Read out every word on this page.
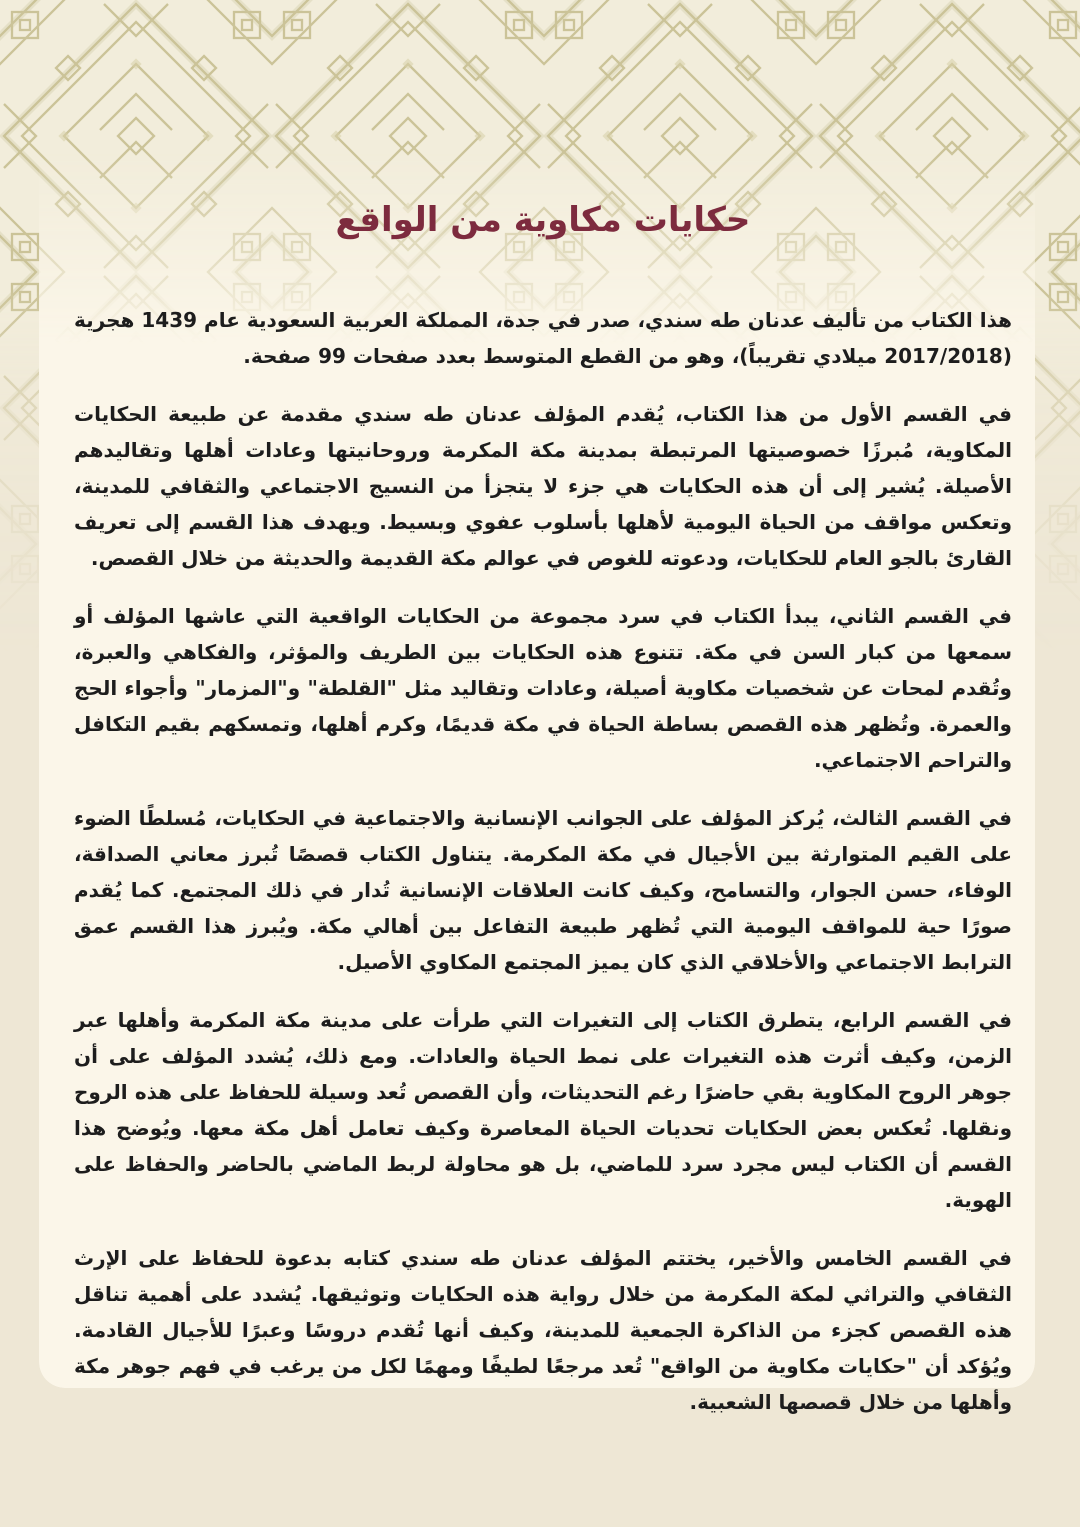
حكايات مكاوية من الواقع

هذا الكتاب من تأليف عدنان طه سندي، صدر في جدة، المملكة العربية السعودية عام 1439 هجرية (2017/2018 ميلادي تقريباً)، وهو من القطع المتوسط بعدد صفحات 99 صفحة.

في القسم الأول من هذا الكتاب، يُقدم المؤلف عدنان طه سندي مقدمة عن طبيعة الحكايات المكاوية، مُبرزًا خصوصيتها المرتبطة بمدينة مكة المكرمة وروحانيتها وعادات أهلها وتقاليدهم الأصيلة. يُشير إلى أن هذه الحكايات هي جزء لا يتجزأ من النسيج الاجتماعي والثقافي للمدينة، وتعكس مواقف من الحياة اليومية لأهلها بأسلوب عفوي وبسيط. ويهدف هذا القسم إلى تعريف القارئ بالجو العام للحكايات، ودعوته للغوص في عوالم مكة القديمة والحديثة من خلال القصص.

في القسم الثاني، يبدأ الكتاب في سرد مجموعة من الحكايات الواقعية التي عاشها المؤلف أو سمعها من كبار السن في مكة. تتنوع هذه الحكايات بين الطريف والمؤثر، والفكاهي والعبرة، وتُقدم لمحات عن شخصيات مكاوية أصيلة، وعادات وتقاليد مثل "القلطة" و"المزمار" وأجواء الحج والعمرة. وتُظهر هذه القصص بساطة الحياة في مكة قديمًا، وكرم أهلها، وتمسكهم بقيم التكافل والتراحم الاجتماعي.

في القسم الثالث، يُركز المؤلف على الجوانب الإنسانية والاجتماعية في الحكايات، مُسلطًا الضوء على القيم المتوارثة بين الأجيال في مكة المكرمة. يتناول الكتاب قصصًا تُبرز معاني الصداقة، الوفاء، حسن الجوار، والتسامح، وكيف كانت العلاقات الإنسانية تُدار في ذلك المجتمع. كما يُقدم صورًا حية للمواقف اليومية التي تُظهر طبيعة التفاعل بين أهالي مكة. ويُبرز هذا القسم عمق الترابط الاجتماعي والأخلاقي الذي كان يميز المجتمع المكاوي الأصيل.

في القسم الرابع، يتطرق الكتاب إلى التغيرات التي طرأت على مدينة مكة المكرمة وأهلها عبر الزمن، وكيف أثرت هذه التغيرات على نمط الحياة والعادات. ومع ذلك، يُشدد المؤلف على أن جوهر الروح المكاوية بقي حاضرًا رغم التحديثات، وأن القصص تُعد وسيلة للحفاظ على هذه الروح ونقلها. تُعكس بعض الحكايات تحديات الحياة المعاصرة وكيف تعامل أهل مكة معها. ويُوضح هذا القسم أن الكتاب ليس مجرد سرد للماضي، بل هو محاولة لربط الماضي بالحاضر والحفاظ على الهوية.

في القسم الخامس والأخير، يختتم المؤلف عدنان طه سندي كتابه بدعوة للحفاظ على الإرث الثقافي والتراثي لمكة المكرمة من خلال رواية هذه الحكايات وتوثيقها. يُشدد على أهمية تناقل هذه القصص كجزء من الذاكرة الجمعية للمدينة، وكيف أنها تُقدم دروسًا وعبرًا للأجيال القادمة. ويُؤكد أن "حكايات مكاوية من الواقع" تُعد مرجعًا لطيفًا ومهمًا لكل من يرغب في فهم جوهر مكة وأهلها من خلال قصصها الشعبية.
